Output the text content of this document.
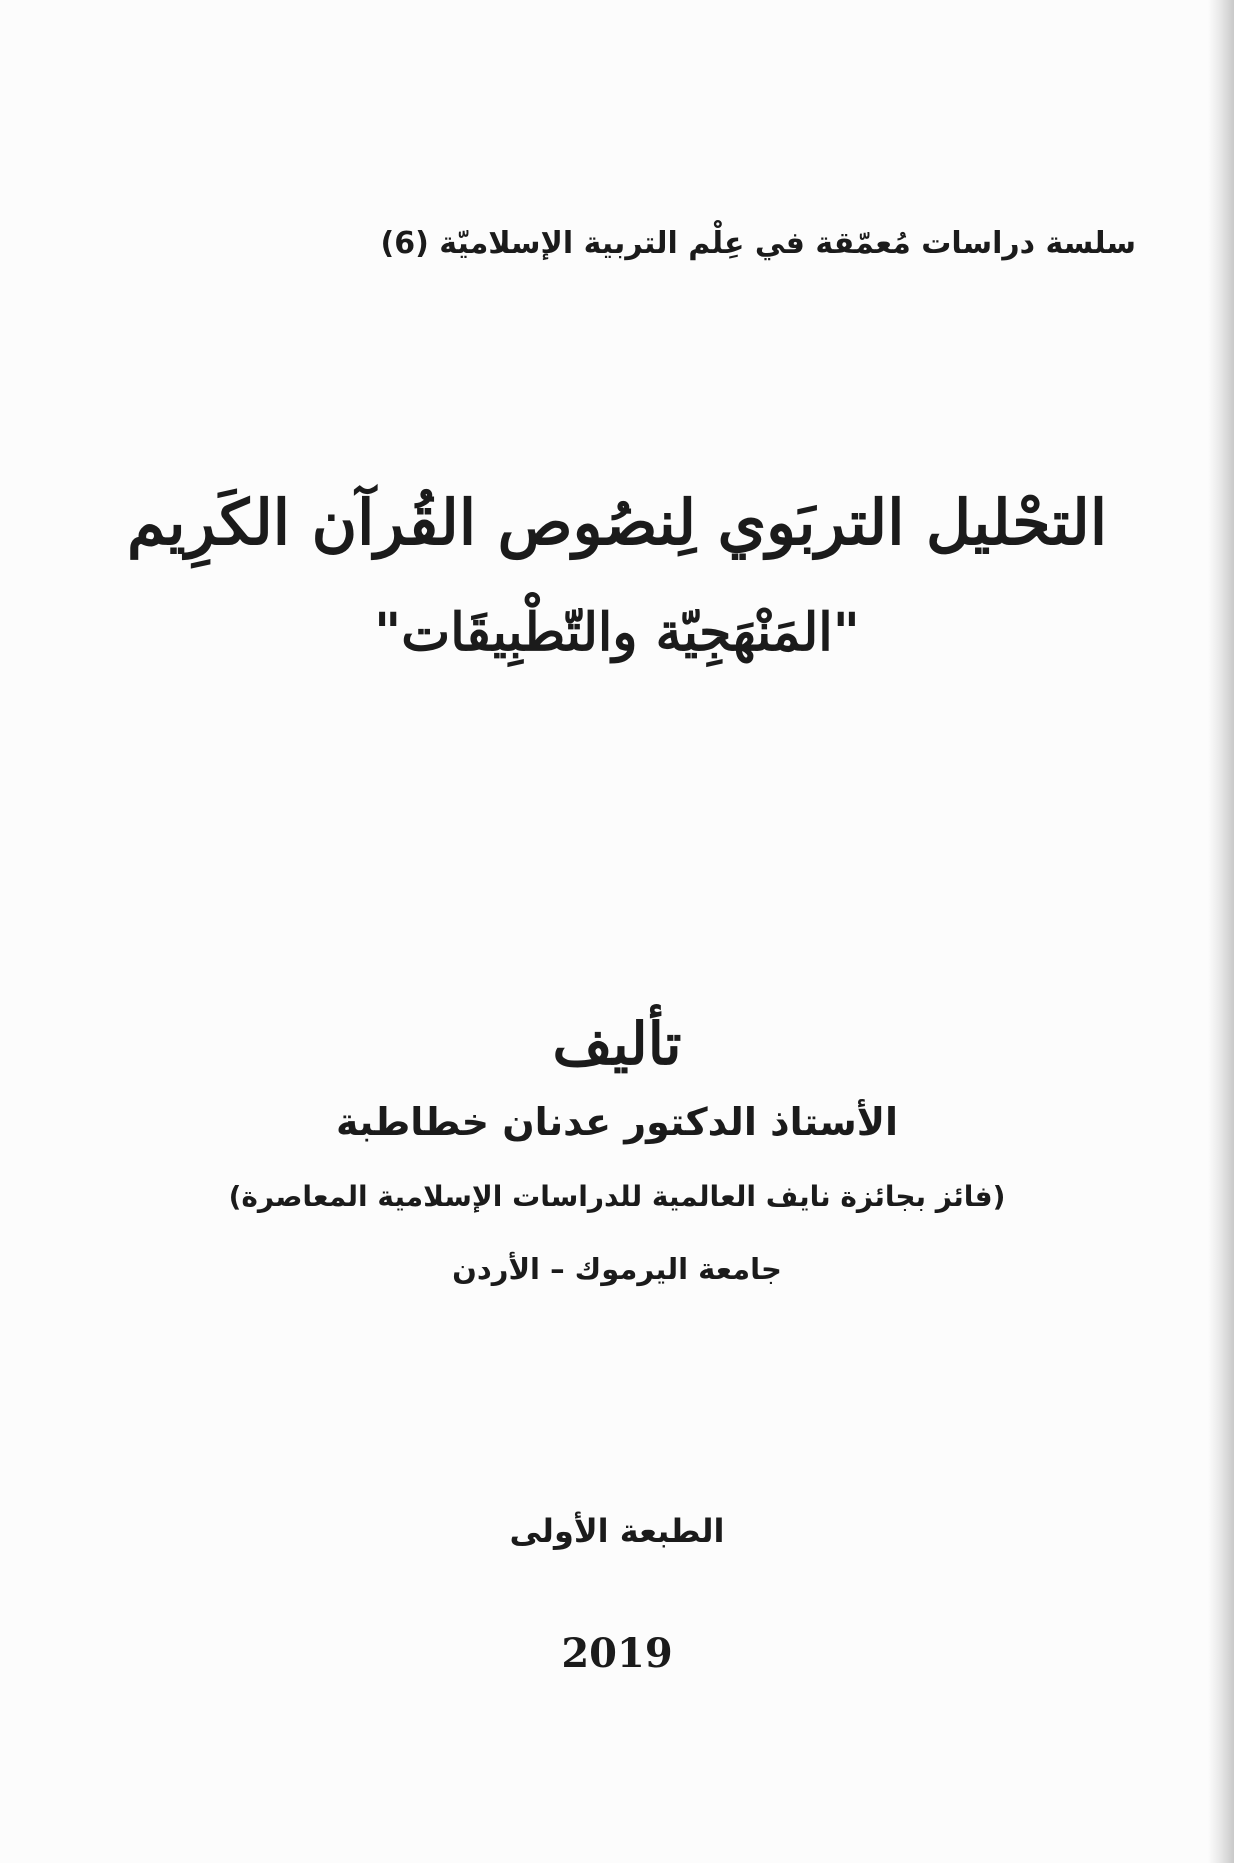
سلسة دراسات مُعمّقة في عِلْم التربية الإسلاميّة (6)
التحْليل التربَوي لِنصُوص القُرآن الكَرِيم
"المَنْهَجِيّة والتّطْبِيقَات"
تأليف
الأستاذ الدكتور عدنان خطاطبة
(فائز بجائزة نايف العالمية للدراسات الإسلامية المعاصرة)
جامعة اليرموك – الأردن
الطبعة الأولى
2019
